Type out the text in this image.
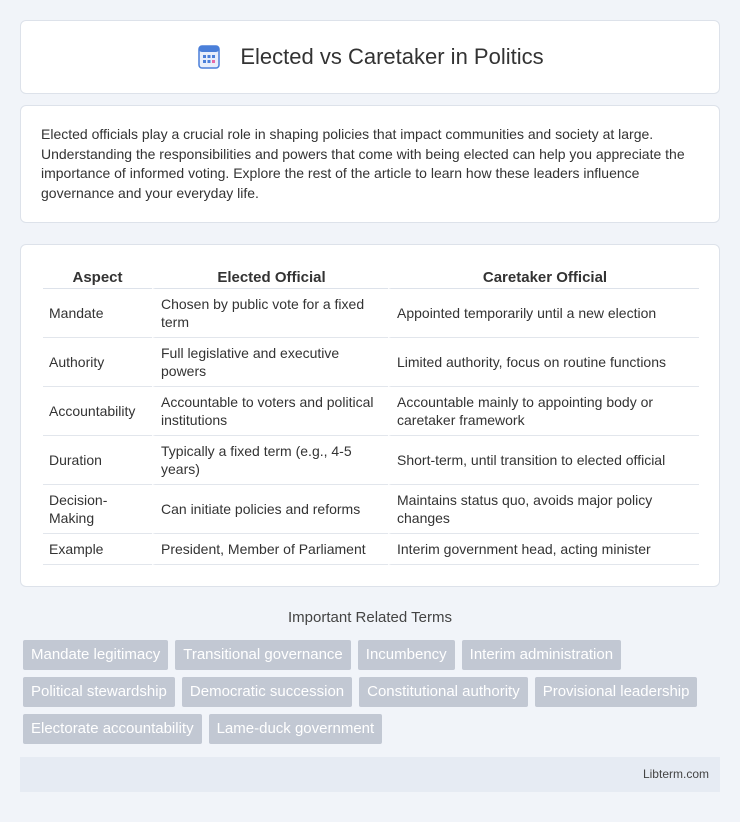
Elected vs Caretaker in Politics

Elected officials play a crucial role in shaping policies that impact communities and society at large. Understanding the responsibilities and powers that come with being elected can help you appreciate the importance of informed voting. Explore the rest of the article to learn how these leaders influence governance and your everyday life.

Aspect	Elected Official	Caretaker Official
Mandate	Chosen by public vote for a fixed term	Appointed temporarily until a new election
Authority	Full legislative and executive powers	Limited authority, focus on routine functions
Accountability	Accountable to voters and political institutions	Accountable mainly to appointing body or caretaker framework
Duration	Typically a fixed term (e.g., 4-5 years)	Short-term, until transition to elected official
Decision-Making	Can initiate policies and reforms	Maintains status quo, avoids major policy changes
Example	President, Member of Parliament	Interim government head, acting minister
Important Related Terms
Mandate legitimacy	Transitional governance	Incumbency	Interim administration
Political stewardship	Democratic succession	Constitutional authority	Provisional leadership
Electorate accountability	Lame-duck government
Libterm.com
